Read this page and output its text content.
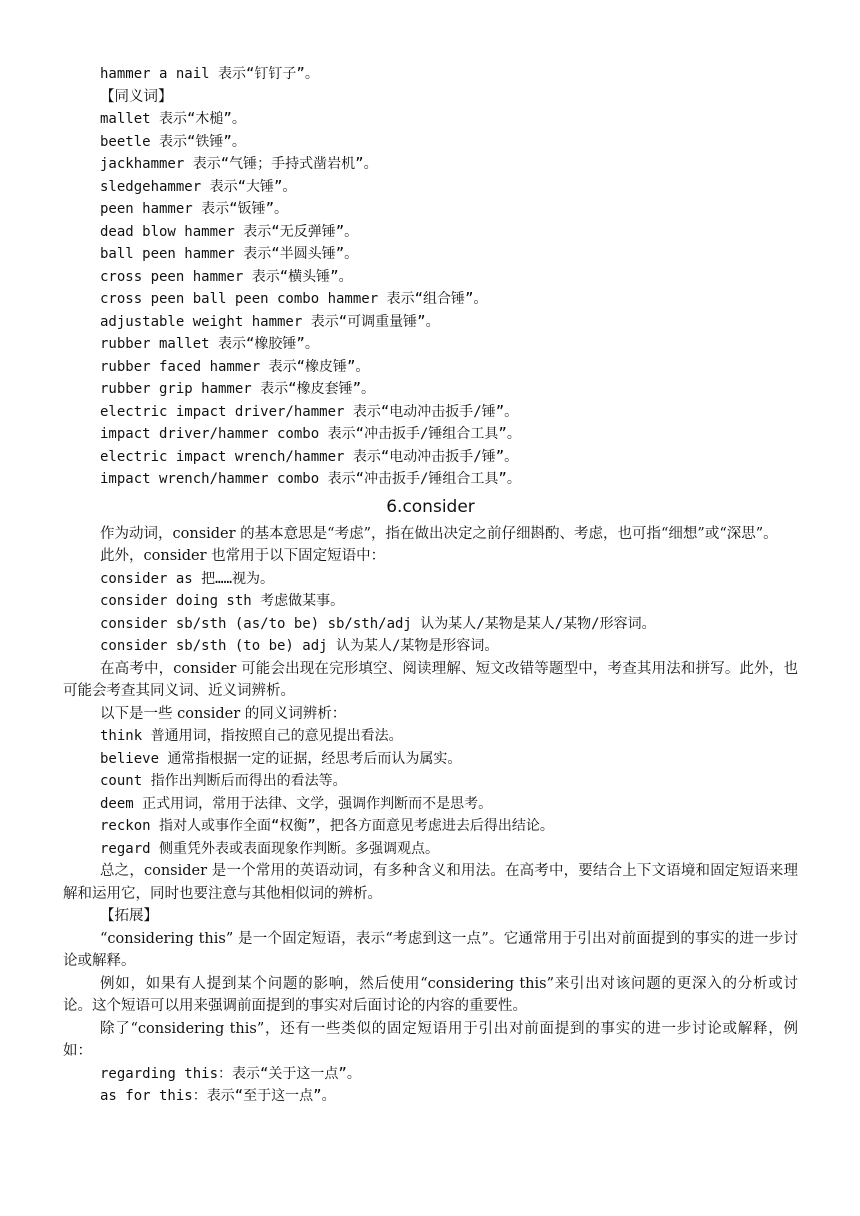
hammer a nail 表示“钉钉子”。
【同义词】
mallet 表示“木槌”。
beetle 表示“铁锤”。
jackhammer 表示“气锤；手持式凿岩机”。
sledgehammer 表示“大锤”。
peen hammer 表示“钣锤”。
dead blow hammer 表示“无反弹锤”。
ball peen hammer 表示“半圆头锤”。
cross peen hammer 表示“横头锤”。
cross peen ball peen combo hammer 表示“组合锤”。
adjustable weight hammer 表示“可调重量锤”。
rubber mallet 表示“橡胶锤”。
rubber faced hammer 表示“橡皮锤”。
rubber grip hammer 表示“橡皮套锤”。
electric impact driver/hammer 表示“电动冲击扳手/锤”。
impact driver/hammer combo 表示“冲击扳手/锤组合工具”。
electric impact wrench/hammer 表示“电动冲击扳手/锤”。
impact wrench/hammer combo 表示“冲击扳手/锤组合工具”。
6.consider
作为动词，consider 的基本意思是“考虑”，指在做出决定之前仔细斟酌、考虑，也可指“细想”或“深思”。
此外，consider 也常用于以下固定短语中：
consider as 把……视为。
consider doing sth 考虑做某事。
consider sb/sth (as/to be) sb/sth/adj 认为某人/某物是某人/某物/形容词。
consider sb/sth (to be) adj 认为某人/某物是形容词。
在高考中，consider 可能会出现在完形填空、阅读理解、短文改错等题型中，考查其用法和拼写。此外，也可能会考查其同义词、近义词辨析。
以下是一些 consider 的同义词辨析：
think 普通用词，指按照自己的意见提出看法。
believe 通常指根据一定的证据，经思考后而认为属实。
count 指作出判断后而得出的看法等。
deem 正式用词，常用于法律、文学，强调作判断而不是思考。
reckon 指对人或事作全面“权衡”，把各方面意见考虑进去后得出结论。
regard 侧重凭外表或表面现象作判断。多强调观点。
总之，consider 是一个常用的英语动词，有多种含义和用法。在高考中，要结合上下文语境和固定短语来理解和运用它，同时也要注意与其他相似词的辨析。
【拓展】
“considering this” 是一个固定短语，表示“考虑到这一点”。它通常用于引出对前面提到的事实的进一步讨论或解释。
例如，如果有人提到某个问题的影响，然后使用“considering this”来引出对该问题的更深入的分析或讨论。这个短语可以用来强调前面提到的事实对后面讨论的内容的重要性。
除了“considering this”，还有一些类似的固定短语用于引出对前面提到的事实的进一步讨论或解释，例如：
regarding this：表示“关于这一点”。
as for this：表示“至于这一点”。
